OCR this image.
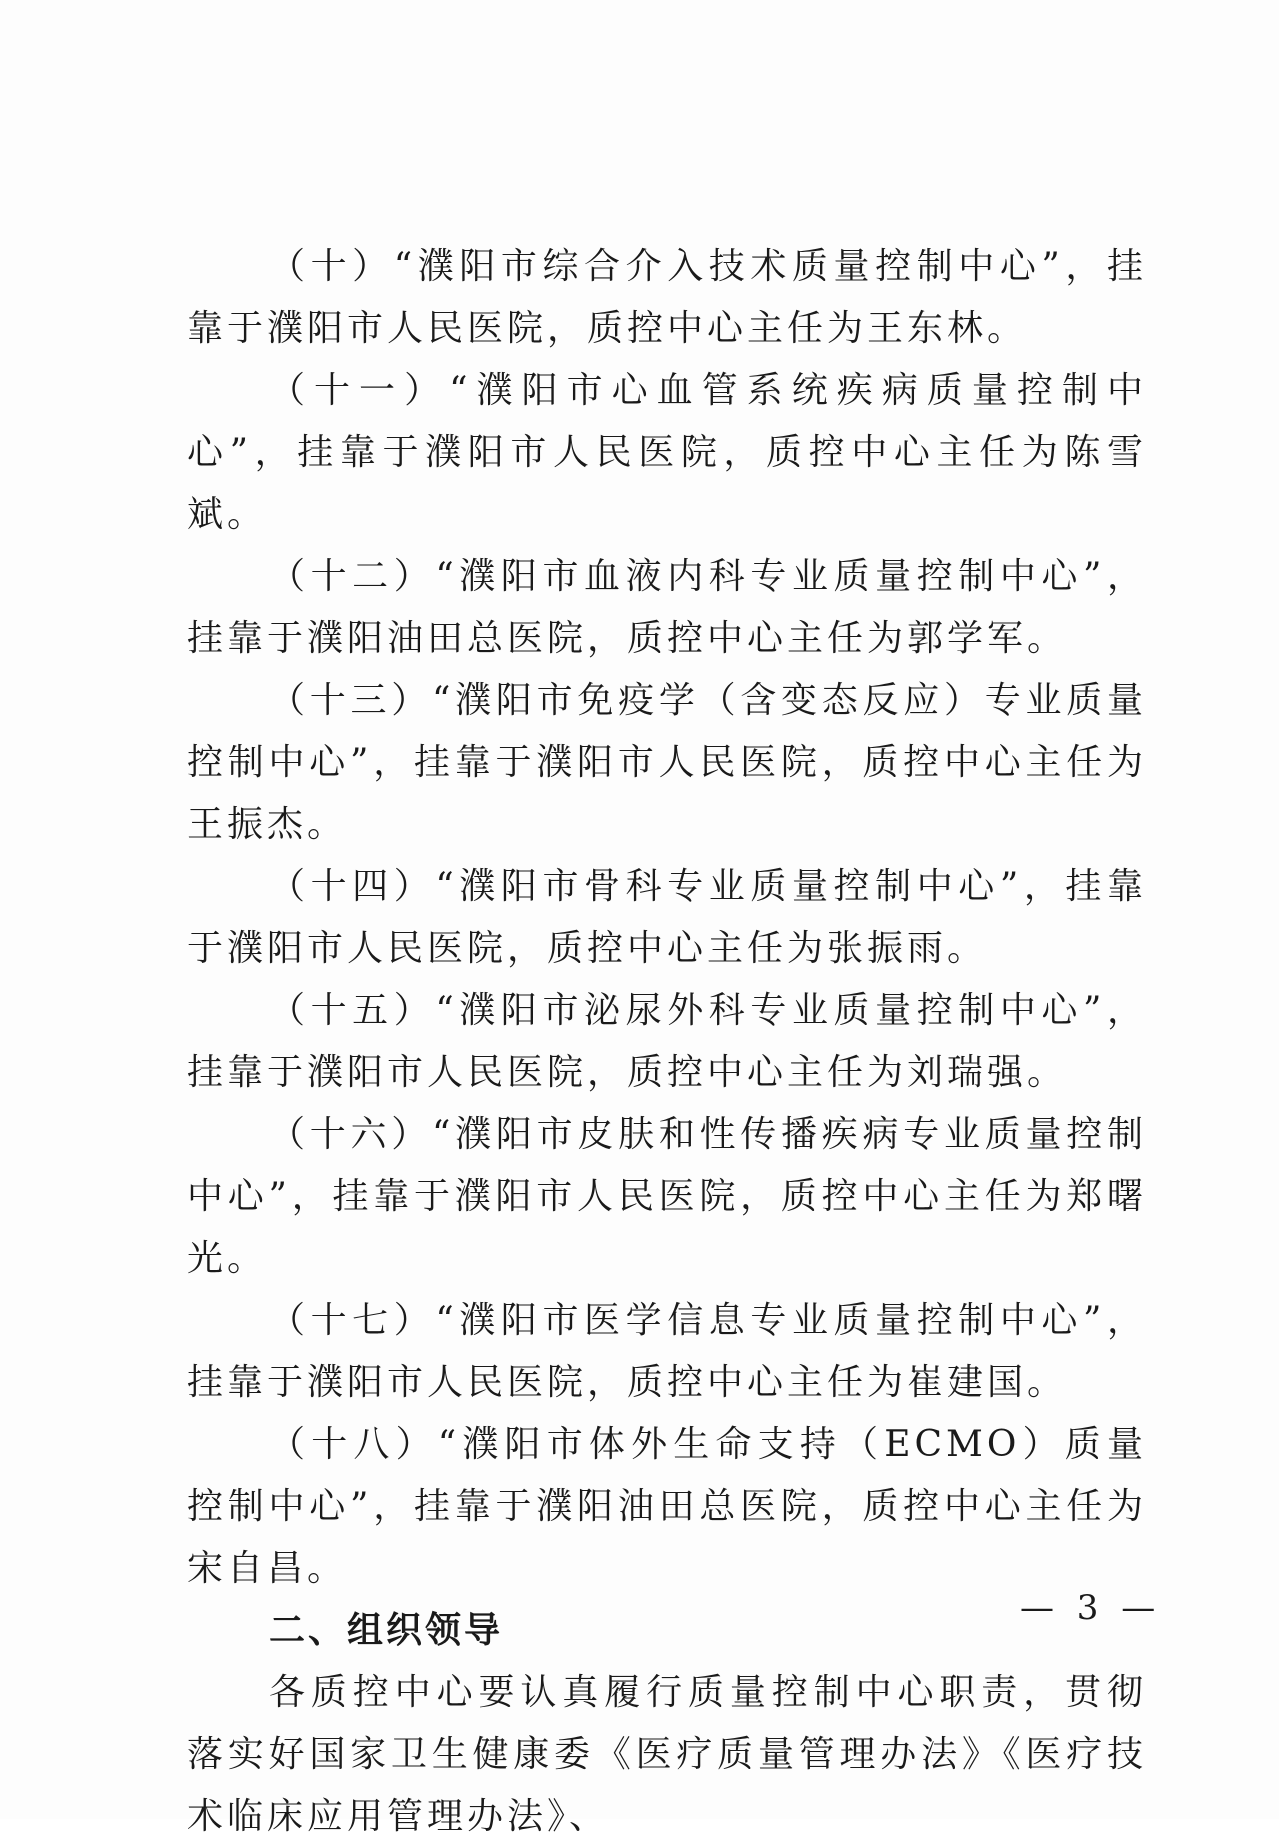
（十）“濮阳市综合介入技术质量控制中心”，挂靠于濮阳市人民医院，质控中心主任为王东林。

（十一）“濮阳市心血管系统疾病质量控制中心”，挂靠于濮阳市人民医院，质控中心主任为陈雪斌。

（十二）“濮阳市血液内科专业质量控制中心”，挂靠于濮阳油田总医院，质控中心主任为郭学军。

（十三）“濮阳市免疫学（含变态反应）专业质量控制中心”，挂靠于濮阳市人民医院，质控中心主任为王振杰。

（十四）“濮阳市骨科专业质量控制中心”，挂靠于濮阳市人民医院，质控中心主任为张振雨。

（十五）“濮阳市泌尿外科专业质量控制中心”，挂靠于濮阳市人民医院，质控中心主任为刘瑞强。

（十六）“濮阳市皮肤和性传播疾病专业质量控制中心”，挂靠于濮阳市人民医院，质控中心主任为郑曙光。

（十七）“濮阳市医学信息专业质量控制中心”，挂靠于濮阳市人民医院，质控中心主任为崔建国。

（十八）“濮阳市体外生命支持（ECMO）质量控制中心”，挂靠于濮阳油田总医院，质控中心主任为宋自昌。

二、组织领导

各质控中心要认真履行质量控制中心职责，贯彻落实好国家卫生健康委《医疗质量管理办法》《医疗技术临床应用管理办法》、

— 3 —
